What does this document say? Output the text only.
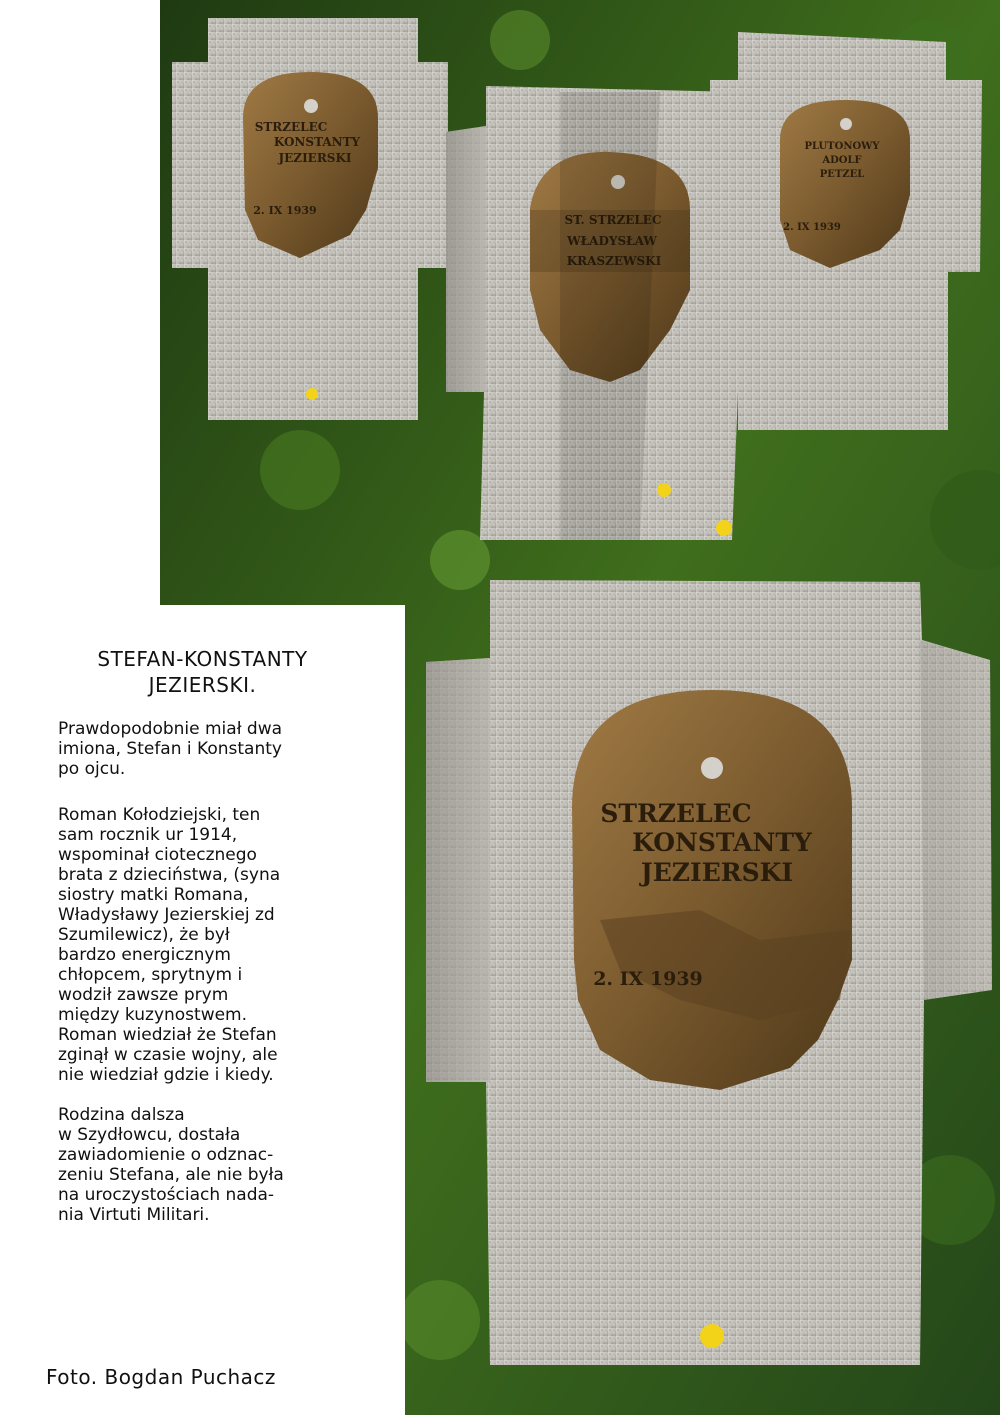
STRZELEC
KONSTANTY
JEZIERSKI
2. IX 1939
PLUTONOWY
ADOLF
PETZEL
2. IX 1939
ST. STRZELEC
WŁADYSŁAW
KRASZEWSKI
STRZELEC
KONSTANTY
JEZIERSKI
2. IX 1939
STEFAN-KONSTANTY
JEZIERSKI.

Prawdopodobnie miał dwa
imiona, Stefan i Konstanty
po ojcu.

Roman Kołodziejski, ten
sam rocznik ur 1914,
wspominał ciotecznego
brata z dzieciństwa, (syna
siostry matki Romana,
Władysławy Jezierskiej zd
Szumilewicz), że był
bardzo energicznym
chłopcem, sprytnym i
wodził zawsze prym
między kuzynostwem.
Roman wiedział że Stefan
zginął w czasie wojny, ale
nie wiedział gdzie i kiedy.

Rodzina dalsza
w Szydłowcu, dostała
zawiadomienie o odznac-
zeniu Stefana, ale nie była
na uroczystościach nada-
nia Virtuti Militari.

Foto. Bogdan Puchacz
